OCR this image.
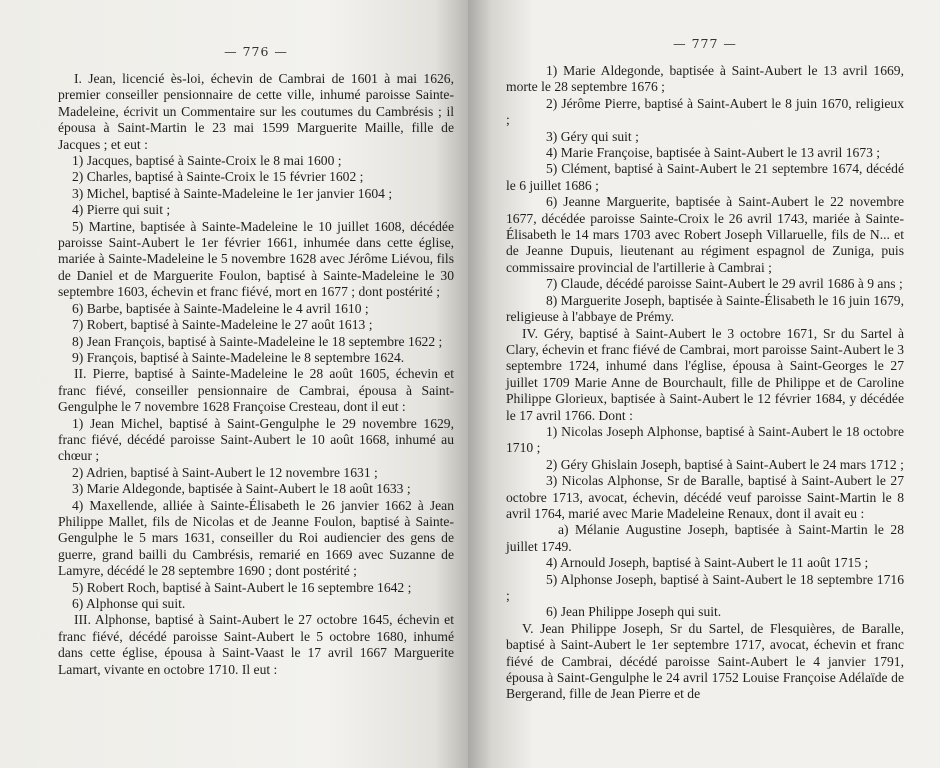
— 776 —

I. Jean, licencié ès-loi, échevin de Cambrai de 1601 à mai 1626, premier conseiller pensionnaire de cette ville, inhumé paroisse Sainte-Madeleine, écrivit un Commentaire sur les coutumes du Cambrésis ; il épousa à Saint-Martin le 23 mai 1599 Marguerite Maille, fille de Jacques ; et eut :

1) Jacques, baptisé à Sainte-Croix le 8 mai 1600 ;

2) Charles, baptisé à Sainte-Croix le 15 février 1602 ;

3) Michel, baptisé à Sainte-Madeleine le 1er janvier 1604 ;

4) Pierre qui suit ;

5) Martine, baptisée à Sainte-Madeleine le 10 juillet 1608, décédée paroisse Saint-Aubert le 1er février 1661, inhumée dans cette église, mariée à Sainte-Madeleine le 5 novembre 1628 avec Jérôme Liévou, fils de Daniel et de Marguerite Foulon, baptisé à Sainte-Madeleine le 30 septembre 1603, échevin et franc fiévé, mort en 1677 ; dont postérité ;

6) Barbe, baptisée à Sainte-Madeleine le 4 avril 1610 ;

7) Robert, baptisé à Sainte-Madeleine le 27 août 1613 ;

8) Jean François, baptisé à Sainte-Madeleine le 18 septembre 1622 ;

9) François, baptisé à Sainte-Madeleine le 8 septembre 1624.

II. Pierre, baptisé à Sainte-Madeleine le 28 août 1605, échevin et franc fiévé, conseiller pensionnaire de Cambrai, épousa à Saint-Gengulphe le 7 novembre 1628 Françoise Cresteau, dont il eut :

1) Jean Michel, baptisé à Saint-Gengulphe le 29 novembre 1629, franc fiévé, décédé paroisse Saint-Aubert le 10 août 1668, inhumé au chœur ;

2) Adrien, baptisé à Saint-Aubert le 12 novembre 1631 ;

3) Marie Aldegonde, baptisée à Saint-Aubert le 18 août 1633 ;

4) Maxellende, alliée à Sainte-Élisabeth le 26 janvier 1662 à Jean Philippe Mallet, fils de Nicolas et de Jeanne Foulon, baptisé à Sainte-Gengulphe le 5 mars 1631, conseiller du Roi audiencier des gens de guerre, grand bailli du Cambrésis, remarié en 1669 avec Suzanne de Lamyre, décédé le 28 septembre 1690 ; dont postérité ;

5) Robert Roch, baptisé à Saint-Aubert le 16 septembre 1642 ;

6) Alphonse qui suit.

III. Alphonse, baptisé à Saint-Aubert le 27 octobre 1645, échevin et franc fiévé, décédé paroisse Saint-Aubert le 5 octobre 1680, inhumé dans cette église, épousa à Saint-Vaast le 17 avril 1667 Marguerite Lamart, vivante en octobre 1710. Il eut :

— 777 —

1) Marie Aldegonde, baptisée à Saint-Aubert le 13 avril 1669, morte le 28 septembre 1676 ;

2) Jérôme Pierre, baptisé à Saint-Aubert le 8 juin 1670, religieux ;

3) Géry qui suit ;

4) Marie Françoise, baptisée à Saint-Aubert le 13 avril 1673 ;

5) Clément, baptisé à Saint-Aubert le 21 septembre 1674, décédé le 6 juillet 1686 ;

6) Jeanne Marguerite, baptisée à Saint-Aubert le 22 novembre 1677, décédée paroisse Sainte-Croix le 26 avril 1743, mariée à Sainte-Élisabeth le 14 mars 1703 avec Robert Joseph Villaruelle, fils de N... et de Jeanne Dupuis, lieutenant au régiment espagnol de Zuniga, puis commissaire provincial de l'artillerie à Cambrai ;

7) Claude, décédé paroisse Saint-Aubert le 29 avril 1686 à 9 ans ;

8) Marguerite Joseph, baptisée à Sainte-Élisabeth le 16 juin 1679, religieuse à l'abbaye de Prémy.

IV. Géry, baptisé à Saint-Aubert le 3 octobre 1671, Sr du Sartel à Clary, échevin et franc fiévé de Cambrai, mort paroisse Saint-Aubert le 3 septembre 1724, inhumé dans l'église, épousa à Saint-Georges le 27 juillet 1709 Marie Anne de Bourchault, fille de Philippe et de Caroline Philippe Glorieux, baptisée à Saint-Aubert le 12 février 1684, y décédée le 17 avril 1766. Dont :

1) Nicolas Joseph Alphonse, baptisé à Saint-Aubert le 18 octobre 1710 ;

2) Géry Ghislain Joseph, baptisé à Saint-Aubert le 24 mars 1712 ;

3) Nicolas Alphonse, Sr de Baralle, baptisé à Saint-Aubert le 27 octobre 1713, avocat, échevin, décédé veuf paroisse Saint-Martin le 8 avril 1764, marié avec Marie Madeleine Renaux, dont il avait eu :

a) Mélanie Augustine Joseph, baptisée à Saint-Martin le 28 juillet 1749.

4) Arnould Joseph, baptisé à Saint-Aubert le 11 août 1715 ;

5) Alphonse Joseph, baptisé à Saint-Aubert le 18 septembre 1716 ;

6) Jean Philippe Joseph qui suit.

V. Jean Philippe Joseph, Sr du Sartel, de Flesquières, de Baralle, baptisé à Saint-Aubert le 1er septembre 1717, avocat, échevin et franc fiévé de Cambrai, décédé paroisse Saint-Aubert le 4 janvier 1791, épousa à Saint-Gengulphe le 24 avril 1752 Louise Françoise Adélaïde de Bergerand, fille de Jean Pierre et de
